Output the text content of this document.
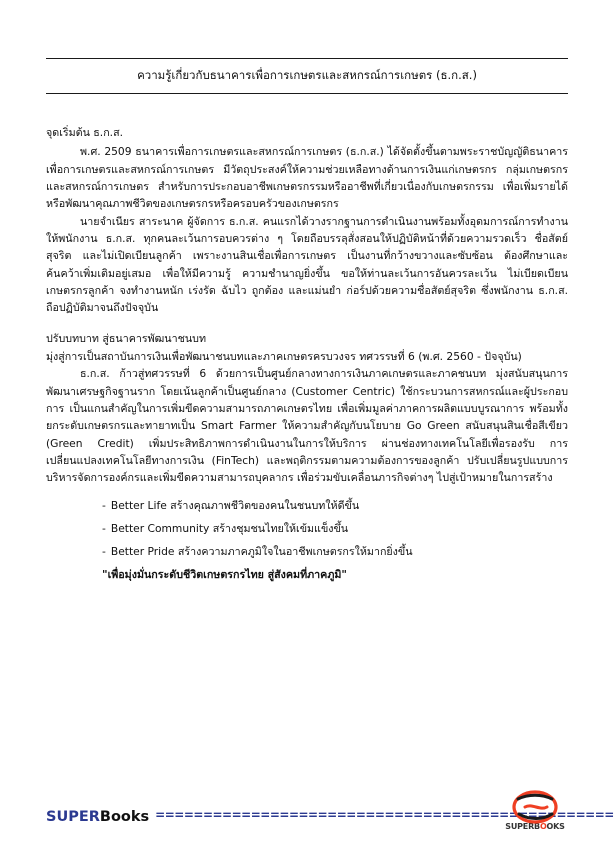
ความรู้เกี่ยวกับธนาคารเพื่อการเกษตรและสหกรณ์การเกษตร (ธ.ก.ส.)
จุดเริ่มต้น ธ.ก.ส.
พ.ศ. 2509 ธนาคารเพื่อการเกษตรและสหกรณ์การเกษตร (ธ.ก.ส.) ได้จัดตั้งขึ้นตามพระราชบัญญัติธนาคารเพื่อการเกษตรและสหกรณ์การเกษตร มีวัตถุประสงค์ให้ความช่วยเหลือทางด้านการเงินแก่เกษตรกร กลุ่มเกษตรกร และสหกรณ์การเกษตร สำหรับการประกอบอาชีพเกษตรกรรมหรืออาชีพที่เกี่ยวเนื่องกับเกษตรกรรม เพื่อเพิ่มรายได้หรือพัฒนาคุณภาพชีวิตของเกษตรกรหรือครอบครัวของเกษตรกร
นายจำเนียร สาระนาค ผู้จัดการ ธ.ก.ส. คนแรกได้วางรากฐานการดำเนินงานพร้อมทั้งอุดมการณ์การทำงานให้พนักงาน ธ.ก.ส. ทุกคนละเว้นการอบควรต่าง ๆ โดยถือบรรลุสั่งสอนให้ปฏิบัติหน้าที่ด้วยความรวดเร็ว ชื่อสัตย์ สุจริต และไม่เปิดเบียนลูกค้า เพราะงานสินเชื่อเพื่อการเกษตร เป็นงานที่กว้างขวางและซับซ้อน ต้องศึกษาและค้นคว้าเพิ่มเติมอยู่เสมอ เพื่อให้มีความรู้ ความชำนาญยิ่งขึ้น ขอให้ท่านละเว้นการอันควรละเว้น ไม่เบียดเบียนเกษตรกรลูกค้า จงทำงานหนัก เร่งรัด ฉับไว ถูกต้อง และแม่นยำ ก่อร์ปด้วยความชื่อสัตย์สุจริต ซึ่งพนักงาน ธ.ก.ส. ถือปฏิบัติมาจนถึงปัจจุบัน
ปรับบทบาท สู่ธนาคารพัฒนาชนบท
มุ่งสู่การเป็นสถาบันการเงินเพื่อพัฒนาชนบทและภาคเกษตรครบวงจร ทศวรรษที่ 6 (พ.ศ. 2560 - ปัจจุบัน)
ธ.ก.ส. ก้าวสู่ทศวรรษที่ 6 ด้วยการเป็นศูนย์กลางทางการเงินภาคเกษตรและภาคชนบท มุ่งสนับสนุนการพัฒนาเศรษฐกิจฐานราก โดยเน้นลูกค้าเป็นศูนย์กลาง (Customer Centric) ใช้กระบวนการสหกรณ์และผู้ประกอบการ เป็นแกนสำคัญในการเพิ่มขีดความสามารถภาคเกษตรไทย เพื่อเพิ่มมูลค่าภาคการผลิตแบบบูรณาการ พร้อมทั้งยกระดับเกษตรกรและทายาทเป็น Smart Farmer ให้ความสำคัญกับนโยบาย Go Green สนับสนุนสินเชื่อสีเขียว (Green Credit) เพิ่มประสิทธิภาพการดำเนินงานในการให้บริการ ผ่านช่องทางเทคโนโลยีเพื่อรองรับ การเปลี่ยนแปลงเทคโนโลยีทางการเงิน (FinTech) และพฤติกรรมตามความต้องการของลูกค้า ปรับเปลี่ยนรูปแบบการบริหารจัดการองค์กรและเพิ่มขีดความสามารถบุคลากร เพื่อร่วมขับเคลื่อนภารกิจต่างๆ ไปสู่เป้าหมายในการสร้าง
- Better Life สร้างคุณภาพชีวิตของคนในชนบทให้ดีขึ้น
- Better Community สร้างชุมชนไทยให้เข้มแข็งขึ้น
- Better Pride สร้างความภาคภูมิใจในอาชีพเกษตรกรให้มากยิ่งขึ้น
"เพื่อมุ่งมั่นกระดับชีวิตเกษตรกรไทย สู่สังคมที่ภาคภูมิ"
SUPERBooks ================================================
SUPERBOOKS
